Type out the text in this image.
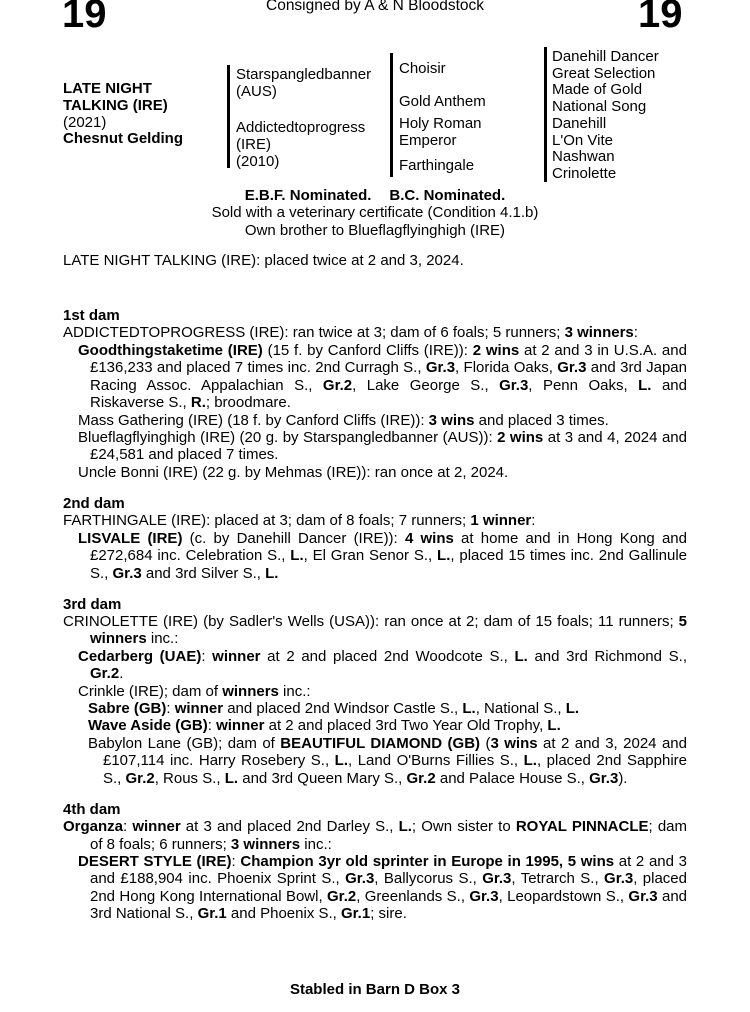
19	Consigned by A & N Bloodstock	19
LATE NIGHT
TALKING (IRE)
(2021)
Chesnut Gelding
Starspangledbanner
(AUS)
Addictedtoprogress
(IRE)
(2010)
Choisir
Gold Anthem
Holy Roman Emperor
Farthingale
Danehill Dancer
Great Selection
Made of Gold
National Song
Danehill
L'On Vite
Nashwan
Crinolette
E.B.F. Nominated. B.C. Nominated.
Sold with a veterinary certificate (Condition 4.1.b)
Own brother to Blueflagflyinghigh (IRE)
LATE NIGHT TALKING (IRE): placed twice at 2 and 3, 2024.

1st dam

ADDICTEDTOPROGRESS (IRE): ran twice at 3; dam of 6 foals; 5 runners; 3 winners:

Goodthingstaketime (IRE) (15 f. by Canford Cliffs (IRE)): 2 wins at 2 and 3 in U.S.A. and £136,233 and placed 7 times inc. 2nd Curragh S., Gr.3, Florida Oaks, Gr.3 and 3rd Japan Racing Assoc. Appalachian S., Gr.2, Lake George S., Gr.3, Penn Oaks, L. and Riskaverse S., R.; broodmare.

Mass Gathering (IRE) (18 f. by Canford Cliffs (IRE)): 3 wins and placed 3 times.

Blueflagflyinghigh (IRE) (20 g. by Starspangledbanner (AUS)): 2 wins at 3 and 4, 2024 and £24,581 and placed 7 times.

Uncle Bonni (IRE) (22 g. by Mehmas (IRE)): ran once at 2, 2024.

2nd dam

FARTHINGALE (IRE): placed at 3; dam of 8 foals; 7 runners; 1 winner:

LISVALE (IRE) (c. by Danehill Dancer (IRE)): 4 wins at home and in Hong Kong and £272,684 inc. Celebration S., L., El Gran Senor S., L., placed 15 times inc. 2nd Gallinule S., Gr.3 and 3rd Silver S., L.

3rd dam

CRINOLETTE (IRE) (by Sadler's Wells (USA)): ran once at 2; dam of 15 foals; 11 runners; 5 winners inc.:

Cedarberg (UAE): winner at 2 and placed 2nd Woodcote S., L. and 3rd Richmond S., Gr.2.

Crinkle (IRE); dam of winners inc.:

Sabre (GB): winner and placed 2nd Windsor Castle S., L., National S., L.

Wave Aside (GB): winner at 2 and placed 3rd Two Year Old Trophy, L.

Babylon Lane (GB); dam of BEAUTIFUL DIAMOND (GB) (3 wins at 2 and 3, 2024 and £107,114 inc. Harry Rosebery S., L., Land O'Burns Fillies S., L., placed 2nd Sapphire S., Gr.2, Rous S., L. and 3rd Queen Mary S., Gr.2 and Palace House S., Gr.3).

4th dam

Organza: winner at 3 and placed 2nd Darley S., L.; Own sister to ROYAL PINNACLE; dam of 8 foals; 6 runners; 3 winners inc.:

DESERT STYLE (IRE): Champion 3yr old sprinter in Europe in 1995, 5 wins at 2 and 3 and £188,904 inc. Phoenix Sprint S., Gr.3, Ballycorus S., Gr.3, Tetrarch S., Gr.3, placed 2nd Hong Kong International Bowl, Gr.2, Greenlands S., Gr.3, Leopardstown S., Gr.3 and 3rd National S., Gr.1 and Phoenix S., Gr.1; sire.

Stabled in Barn D Box 3
